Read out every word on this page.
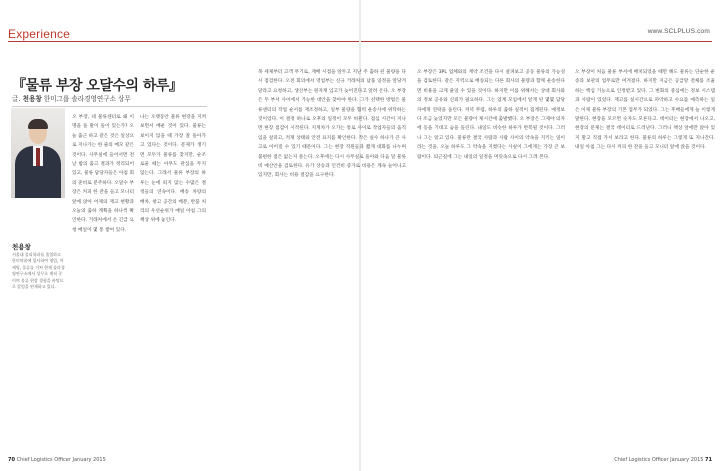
Experience	www.SCLPLUS.com
『물류 부장 오달수의 하루』
글. 천용창 한미그룹 솔라경영연구소 상무
천용창
서울대 물리학과를 졸업하고 한미약품에 입사하여 영업, 마케팅, 물류를 거쳐 현재 솔라경영연구소에서 상무로 재직 중이며 물류 현장 경험을 바탕으로 칼럼을 연재하고 있다.
오 부장, 네 물류센터로 왜 이 명을 돌 말이 돌이 있는가? 오늘 출근 하고 같은 것은 일상으로 지나가는 한 줄의 메모 같은 것이다. 사무실에 들어서면 전날 밤의 출고 결과가 정리되어 있고, 물류 담당자들은 아침 회의 준비로 분주하다. 오달수 부장은 커피 한 잔을 들고 모니터 앞에 앉아 어제의 재고 현황과 오늘의 출하 계획을 하나씩 확인한다. 거래처에서 온 긴급 요청 메일이 몇 통 쌓여 있다.
나는 오랫동안 물류 현장을 지켜 보면서 배운 것이 있다. 물류는 보이지 않을 때 가장 잘 돌아가고 있다는 것이다. 문제가 생기면 모두가 물류를 찾지만, 순조로울 때는 아무도 관심을 두지 않는다. 그래서 물류 부장의 하루는 눈에 띄지 않는 수많은 결정들의 연속이다. 배송 차량의 배차, 창고 공간의 배분, 반품 처리의 우선순위가 매일 아침 그의 책상 위에 놓인다.
목 세제부터 고객 무기로, 재배 시점을 앞두고 지난 주 출하 된 물량을 다시 점검한다. 오전 회의에서 영업부는 신규 거래처의 납품 일정을 앞당겨 달라고 요청하고, 생산부는 원자재 입고가 늦어진다고 알려 온다. 오 부장은 두 부서 사이에서 가능한 대안을 찾아야 한다. 그가 선택한 방법은 물류센터의 작업 순서를 재조정하고, 일부 물량을 협력 운송사에 위탁하는 것이었다. 이 결정 하나로 오후의 일정이 모두 바뀐다. 점심 시간이 지나면 현장 점검이 시작된다. 지게차가 오가는 통로 사이로 작업자들의 움직임을 살피고, 적재 상태와 안전 표지를 확인한다. 작은 실수 하나가 큰 사고로 이어질 수 있기 때문이다. 그는 현장 직원들과 짧게 대화를 나누며 불편한 점은 없는지 묻는다. 오후에는 다시 사무실로 돌아와 다음 달 물류비 예산안을 검토한다. 유가 상승과 인건비 증가로 비용은 계속 늘어나고 있지만, 회사는 비용 절감을 요구한다.
오 부장은 3PL 업체와의 계약 조건을 다시 살펴보고 공동 물류의 가능성을 검토한다. 같은 지역으로 배송되는 다른 회사의 물량과 함께 운송한다면 비용을 크게 줄일 수 있을 것이다. 하지만 이를 위해서는 상대 회사와의 정보 공유와 신뢰가 필요하다. 그는 업계 모임에서 알게 된 몇몇 담당자에게 연락을 돌린다. 저녁 무렵, 하루의 출하 실적이 집계된다. 예정보다 조금 늦었지만 모든 물량이 제시간에 출발했다. 오 부장은 그제야 의자에 등을 기대고 숨을 돌린다. 내일도 비슷한 하루가 반복될 것이다. 그러나 그는 알고 있다. 물류란 결국 사람과 사람 사이의 약속을 지키는 일이라는 것을. 오늘 하루도 그 약속을 지켰다는 사실이 그에게는 가장 큰 보람이다. 퇴근길에 그는 내일의 일정을 머릿속으로 다시 그려 본다.
오 부장이 처음 물류 부서에 배치되었을 때만 해도 물류는 단순한 운송과 보관의 업무로만 여겨졌다. 하지만 지금은 공급망 전체를 조율하는 핵심 기능으로 인정받고 있다. 그 변화의 중심에는 정보 시스템과 사람이 있었다. 재고를 실시간으로 파악하고 수요를 예측하는 일은 이제 물류 부장의 기본 업무가 되었다. 그는 후배들에게 늘 이렇게 말한다. 현장을 모르면 숫자도 모른다고. 데이터는 현장에서 나오고, 현장의 문제는 결국 데이터로 드러난다. 그러니 책상 앞에만 앉아 있지 말고 직접 가서 보라고 한다. 물류의 하루는 그렇게 또 지나간다. 내일 아침 그는 다시 커피 한 잔을 들고 모니터 앞에 앉을 것이다.
70 Chief Logistics Officer January 2015	Chief Logistics Officer January 2015 71
